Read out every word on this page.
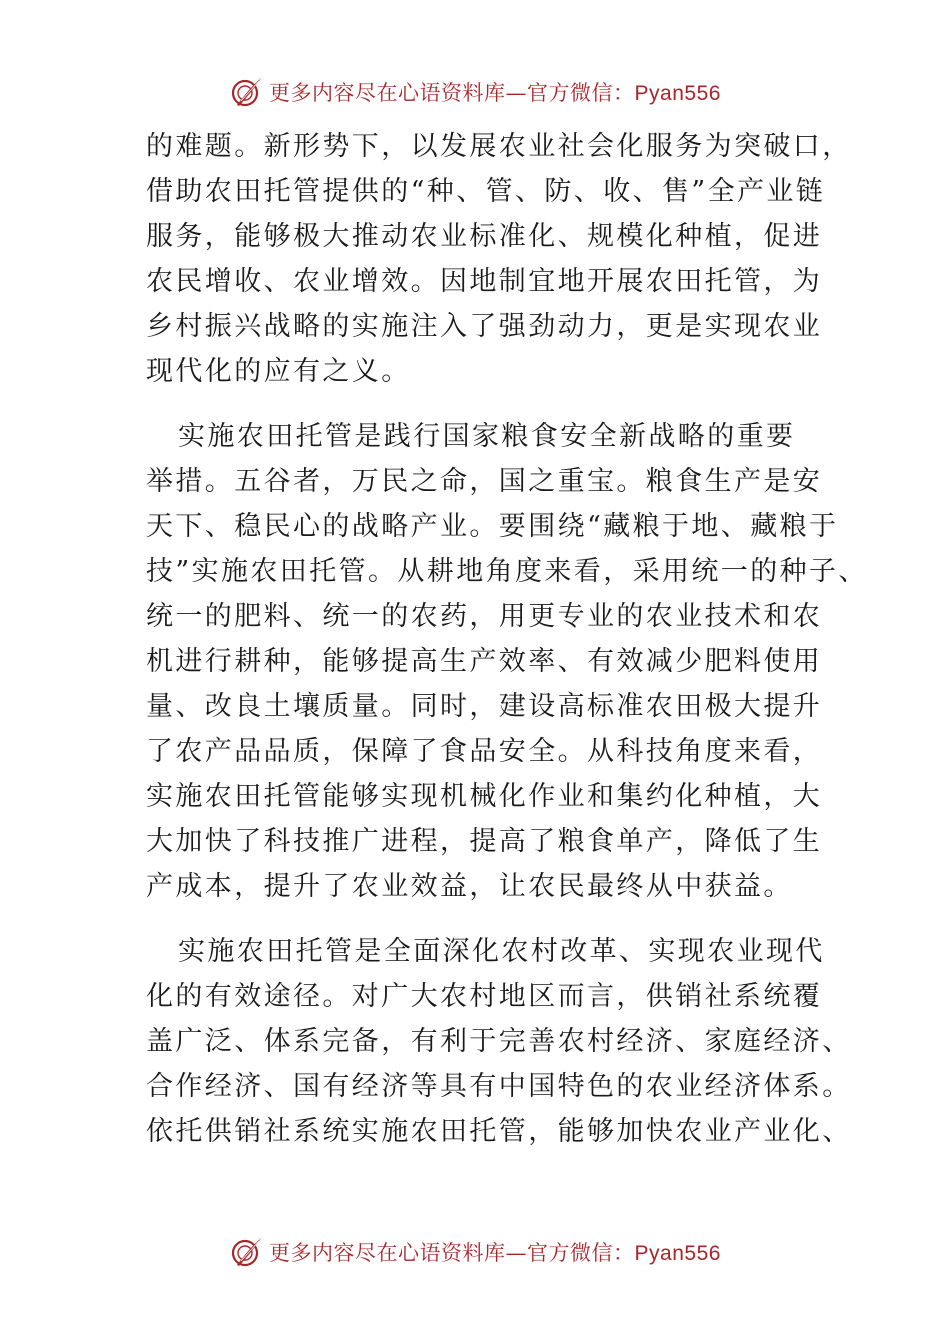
更多内容尽在心语资料库—官方微信：Pyan556
的难题。新形势下，以发展农业社会化服务为突破口，
借助农田托管提供的“种、管、防、收、售”全产业链
服务，能够极大推动农业标准化、规模化种植，促进
农民增收、农业增效。因地制宜地开展农田托管，为
乡村振兴战略的实施注入了强劲动力，更是实现农业
现代化的应有之义。
实施农田托管是践行国家粮食安全新战略的重要
举措。五谷者，万民之命，国之重宝。粮食生产是安
天下、稳民心的战略产业。要围绕“藏粮于地、藏粮于
技”实施农田托管。从耕地角度来看，采用统一的种子、
统一的肥料、统一的农药，用更专业的农业技术和农
机进行耕种，能够提高生产效率、有效减少肥料使用
量、改良土壤质量。同时，建设高标准农田极大提升
了农产品品质，保障了食品安全。从科技角度来看，
实施农田托管能够实现机械化作业和集约化种植，大
大加快了科技推广进程，提高了粮食单产，降低了生
产成本，提升了农业效益，让农民最终从中获益。
实施农田托管是全面深化农村改革、实现农业现代
化的有效途径。对广大农村地区而言，供销社系统覆
盖广泛、体系完备，有利于完善农村经济、家庭经济、
合作经济、国有经济等具有中国特色的农业经济体系。
依托供销社系统实施农田托管，能够加快农业产业化、
更多内容尽在心语资料库—官方微信：Pyan556
